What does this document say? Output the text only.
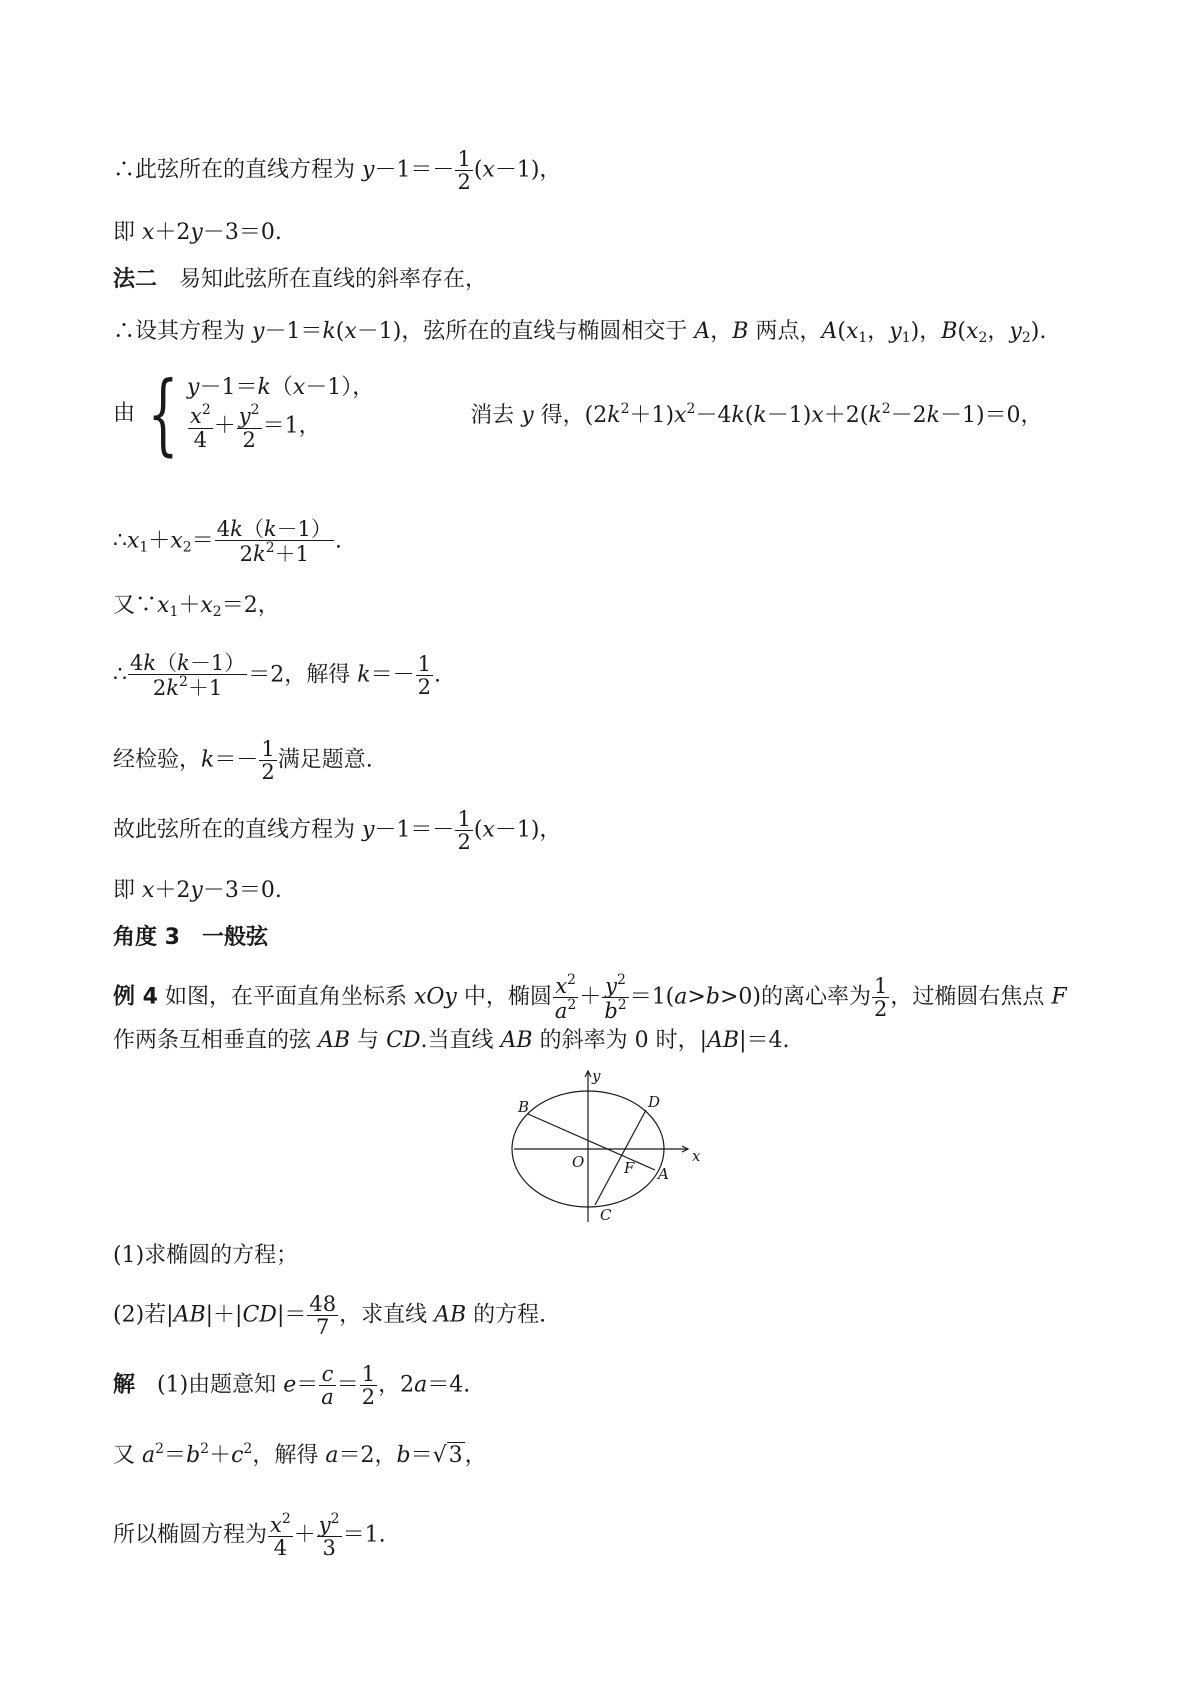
∴此弦所在的直线方程为 $y-1=- \frac{1}{2} (x-1)$，
即 x＋2y－3＝0.
法二　易知此弦所在直线的斜率存在，
∴设其方程为 y－1＝k(x－1)，弦所在的直线与椭圆相交于 A，B 两点，$A(x_1$，$y_1$)，$B(x_2$，$y_2$).
由 { y－1＝k（x－1），
$\frac{x^2}{4} + \frac{y^2}{2} =1$，	　　　消去 y 得，$(2k^2+1)x^2-4k(k-1)x+2(k^2-2k-1)=0$，
$\therefore x_1+x_2= \frac{4k(k-1)}{2k^2+1}$ .
又$\because x_1+x_2=2$，
∴ $\frac{4k(k-1)}{2k^2+1} =2$，解得 $k=- \frac{1}{2}$ .
经检验，$k=- \frac{1}{2}$ 满足题意.
故此弦所在的直线方程为 $y-1=- \frac{1}{2} (x-1)$，
即 x＋2y－3＝0.
角度 3　一般弦
例 4 如图，在平面直角坐标系 xOy 中，椭圆 $\frac{x^2}{a^2} + \frac{y^2}{b^2} =1(a>b>0)$的离心率为 $\frac{1}{2}$ ，过椭圆右焦点 F
作两条互相垂直的弦 AB 与 CD.当直线 AB 的斜率为 0 时，|AB|＝4.
y
x
O
A
B
C
D
F
(1)求椭圆的方程；
(2)若$|AB|+|CD|= \frac{48}{7}$ ，求直线 AB 的方程.
解　(1)由题意知 $e= \frac{c}{a} = \frac{1}{2}$ ，2a＝4.
又 $a^2=b^2+c^2$，解得 a＝2，b＝√3，
所以椭圆方程为 $\frac{x^2}{4} + \frac{y^2}{3} =1$.
